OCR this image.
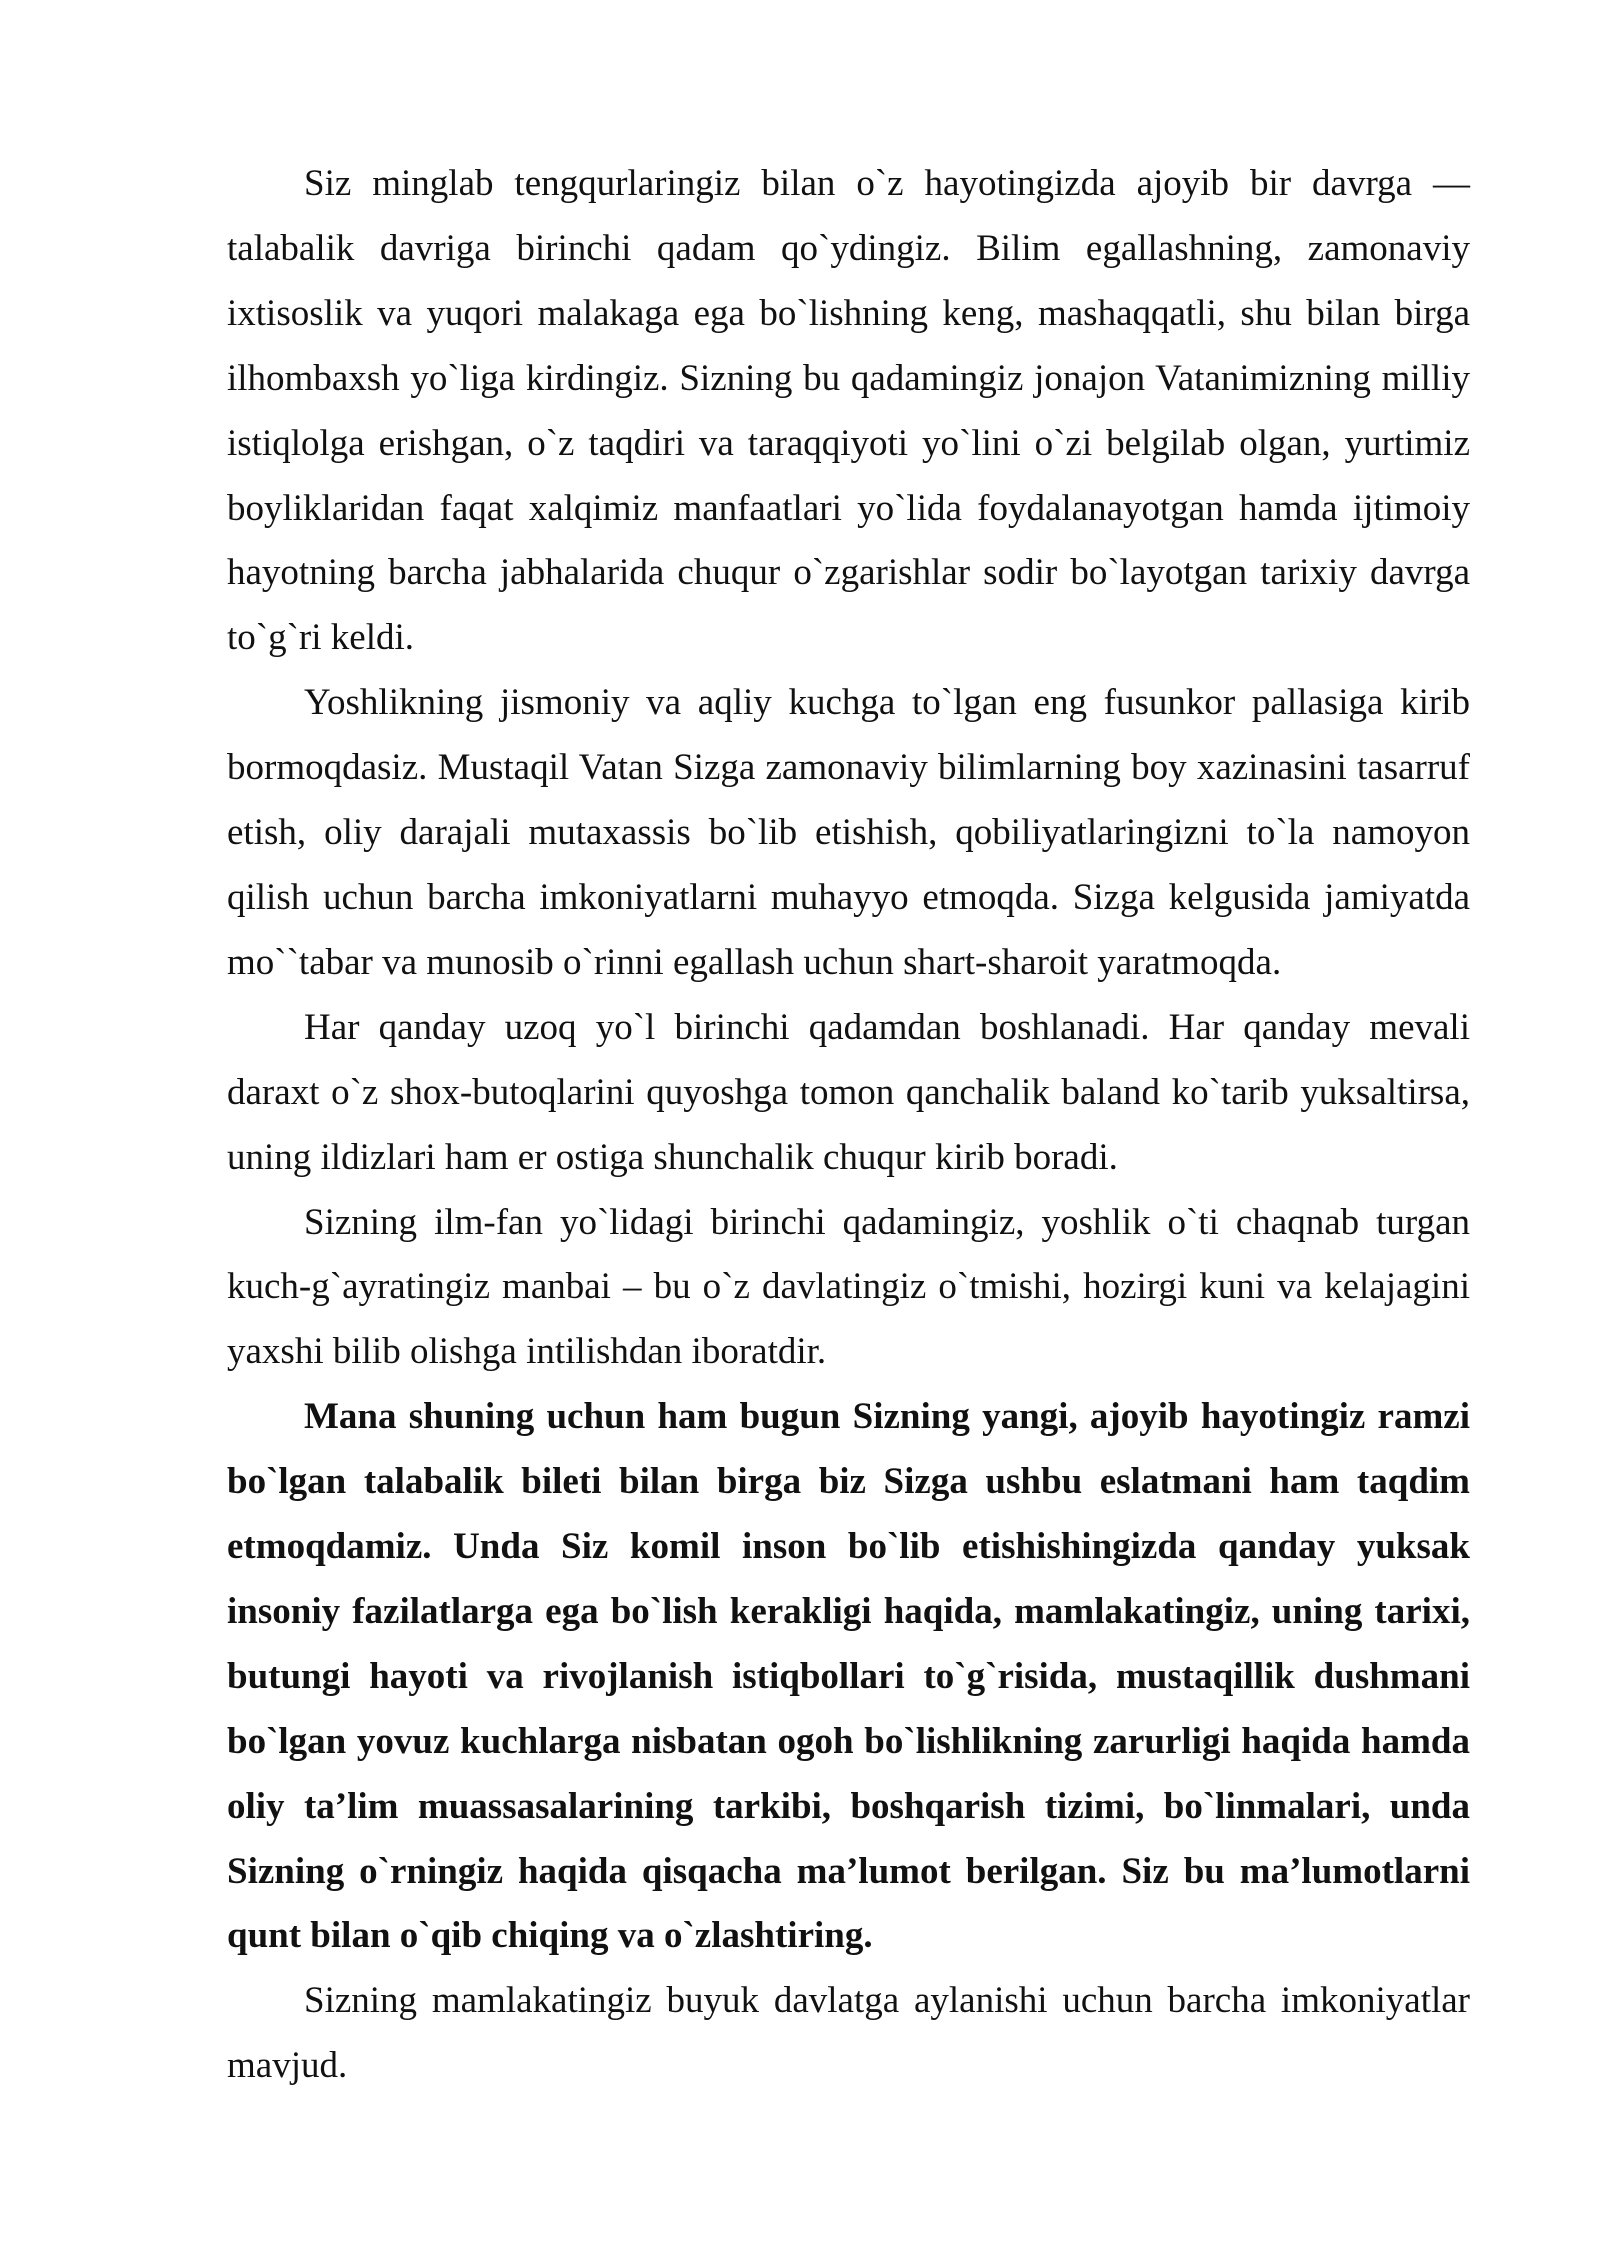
Siz minglab tengqurlaringiz bilan o`z hayotingizda ajoyib bir davrga — talabalik davriga birinchi qadam qo`ydingiz. Bilim egallashning, zamonaviy ixtisoslik va yuqori malakaga ega bo`lishning keng, mashaqqatli, shu bilan birga ilhombaxsh yo`liga kirdingiz. Sizning bu qadamingiz jonajon Vatanimizning milliy istiqlolga erishgan, o`z taqdiri va taraqqiyoti yo`lini o`zi belgilab olgan, yurtimiz boyliklaridan faqat xalqimiz manfaatlari yo`lida foydalanayotgan hamda ijtimoiy hayotning barcha jabhalarida chuqur o`zgarishlar sodir bo`layotgan tarixiy davrga to`g`ri keldi.

Yoshlikning jismoniy va aqliy kuchga to`lgan eng fusunkor pallasiga kirib bormoqdasiz. Mustaqil Vatan Sizga zamonaviy bilimlarning boy xazinasini tasarruf etish, oliy darajali mutaxassis bo`lib etishish, qobiliyatlaringizni to`la namoyon qilish uchun barcha imkoniyatlarni muhayyo etmoqda. Sizga kelgusida jamiyatda mo``tabar va munosib o`rinni egallash uchun shart-sharoit yaratmoqda.

Har qanday uzoq yo`l birinchi qadamdan boshlanadi. Har qanday mevali daraxt o`z shox-butoqlarini quyoshga tomon qanchalik baland ko`tarib yuksaltirsa, uning ildizlari ham er ostiga shunchalik chuqur kirib boradi.

Sizning ilm-fan yo`lidagi birinchi qadamingiz, yoshlik o`ti chaqnab turgan kuch-g`ayratingiz manbai – bu o`z davlatingiz o`tmishi, hozirgi kuni va kelajagini yaxshi bilib olishga intilishdan iboratdir.

Mana shuning uchun ham bugun Sizning yangi, ajoyib hayotingiz ramzi bo`lgan talabalik bileti bilan birga biz Sizga ushbu eslatmani ham taqdim etmoqdamiz. Unda Siz komil inson bo`lib etishishingizda qanday yuksak insoniy fazilatlarga ega bo`lish kerakligi haqida, mamlakatingiz, uning tarixi, butungi hayoti va rivojlanish istiqbollari to`g`risida, mustaqillik dushmani bo`lgan yovuz kuchlarga nisbatan ogoh bo`lishlikning zarurligi haqida hamda oliy ta’lim muassasalarining tarkibi, boshqarish tizimi, bo`linmalari, unda Sizning o`rningiz haqida qisqacha ma’lumot berilgan. Siz bu ma’lumotlarni qunt bilan o`qib chiqing va o`zlashtiring.

Sizning mamlakatingiz buyuk davlatga aylanishi uchun barcha imkoniyatlar mavjud.
